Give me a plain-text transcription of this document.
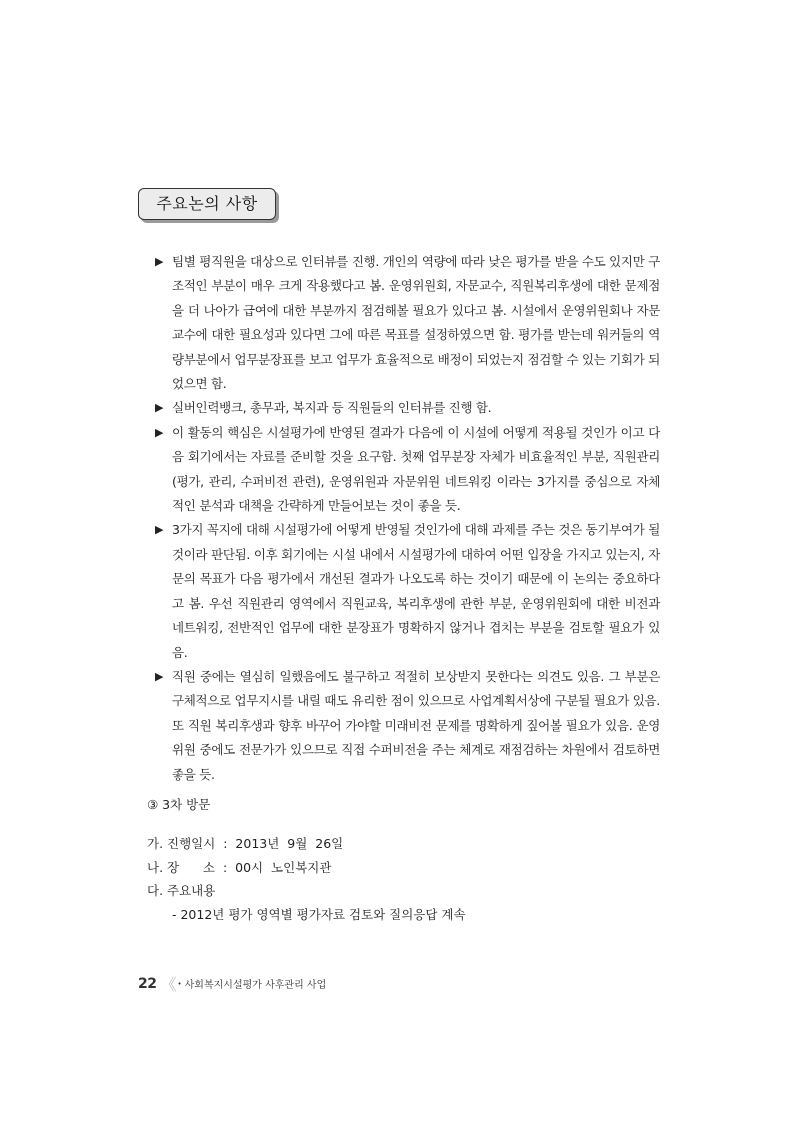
주요논의 사항
▶ 팀별 평직원을 대상으로 인터뷰를 진행. 개인의 역량에 따라 낮은 평가를 받을 수도 있지만 구조적인 부분이 매우 크게 작용했다고 봄. 운영위원회, 자문교수, 직원복리후생에 대한 문제점을 더 나아가 급여에 대한 부분까지 점검해볼 필요가 있다고 봄. 시설에서 운영위원회나 자문교수에 대한 필요성과 있다면 그에 따른 목표를 설정하였으면 함. 평가를 받는데 워커들의 역량부분에서 업무분장표를 보고 업무가 효율적으로 배정이 되었는지 점검할 수 있는 기회가 되었으면 함.
▶ 실버인력뱅크, 총무과, 복지과 등 직원들의 인터뷰를 진행 함.
▶ 이 활동의 핵심은 시설평가에 반영된 결과가 다음에 이 시설에 어떻게 적용될 것인가 이고 다음 회기에서는 자료를 준비할 것을 요구함. 첫째 업무분장 자체가 비효율적인 부분, 직원관리(평가, 관리, 수퍼비전 관련), 운영위원과 자문위원 네트워킹 이라는 3가지를 중심으로 자체적인 분석과 대책을 간략하게 만들어보는 것이 좋을 듯.
▶ 3가지 꼭지에 대해 시설평가에 어떻게 반영될 것인가에 대해 과제를 주는 것은 동기부여가 될 것이라 판단됨. 이후 회기에는 시설 내에서 시설평가에 대하여 어떤 입장을 가지고 있는지, 자문의 목표가 다음 평가에서 개선된 결과가 나오도록 하는 것이기 때문에 이 논의는 중요하다고 봄. 우선 직원관리 영역에서 직원교육, 복리후생에 관한 부분, 운영위원회에 대한 비전과 네트워킹, 전반적인 업무에 대한 분장표가 명확하지 않거나 겹치는 부분을 검토할 필요가 있음.
▶ 직원 중에는 열심히 일했음에도 불구하고 적절히 보상받지 못한다는 의견도 있음. 그 부분은 구체적으로 업무지시를 내릴 때도 유리한 점이 있으므로 사업계획서상에 구분될 필요가 있음. 또 직원 복리후생과 향후 바꾸어 가야할 미래비전 문제를 명확하게 짚어볼 필요가 있음. 운영위원 중에도 전문가가 있으므로 직접 수퍼비전을 주는 체계로 재점검하는 차원에서 검토하면 좋을 듯.
③ 3차 방문
가. 진행일시  :  2013년  9월  26일
나. 장      소  :  00시  노인복지관
다. 주요내용
- 2012년 평가 영역별 평가자료 검토와 질의응답 계속
22 《 • 사회복지시설평가 사후관리 사업
